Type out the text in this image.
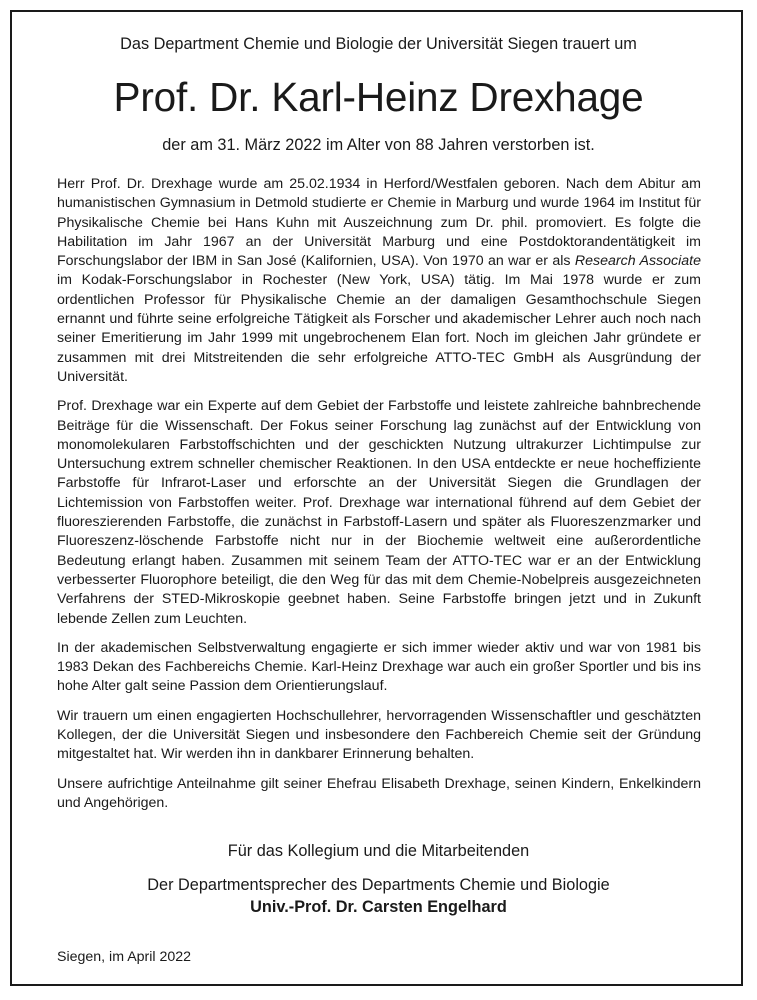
Das Department Chemie und Biologie der Universität Siegen trauert um
Prof. Dr. Karl-Heinz Drexhage
der am 31. März 2022 im Alter von 88 Jahren verstorben ist.

Herr Prof. Dr. Drexhage wurde am 25.02.1934 in Herford/Westfalen geboren. Nach dem Abitur am humanistischen Gymnasium in Detmold studierte er Chemie in Marburg und wurde 1964 im Institut für Physikalische Chemie bei Hans Kuhn mit Auszeichnung zum Dr. phil. promoviert. Es folgte die Habilitation im Jahr 1967 an der Universität Marburg und eine Postdoktorandentätigkeit im Forschungslabor der IBM in San José (Kalifornien, USA). Von 1970 an war er als Research Associate im Kodak-Forschungslabor in Rochester (New York, USA) tätig. Im Mai 1978 wurde er zum ordentlichen Professor für Physikalische Chemie an der damaligen Gesamthochschule Siegen ernannt und führte seine erfolgreiche Tätigkeit als Forscher und akademischer Lehrer auch noch nach seiner Emeritierung im Jahr 1999 mit ungebrochenem Elan fort. Noch im gleichen Jahr gründete er zusammen mit drei Mitstreitenden die sehr erfolgreiche ATTO-TEC GmbH als Ausgründung der Universität.

Prof. Drexhage war ein Experte auf dem Gebiet der Farbstoffe und leistete zahlreiche bahnbrechende Beiträge für die Wissenschaft. Der Fokus seiner Forschung lag zunächst auf der Entwicklung von monomolekularen Farbstoffschichten und der geschickten Nutzung ultrakurzer Lichtimpulse zur Untersuchung extrem schneller chemischer Reaktionen. In den USA entdeckte er neue hocheffiziente Farbstoffe für Infrarot-Laser und erforschte an der Universität Siegen die Grundlagen der Lichtemission von Farbstoffen weiter. Prof. Drexhage war international führend auf dem Gebiet der fluoreszierenden Farbstoffe, die zunächst in Farbstoff-Lasern und später als Fluoreszenzmarker und Fluoreszenz-löschende Farbstoffe nicht nur in der Biochemie weltweit eine außerordentliche Bedeutung erlangt haben. Zusammen mit seinem Team der ATTO-TEC war er an der Entwicklung verbesserter Fluorophore beteiligt, die den Weg für das mit dem Chemie-Nobelpreis ausgezeichneten Verfahrens der STED-Mikroskopie geebnet haben. Seine Farbstoffe bringen jetzt und in Zukunft lebende Zellen zum Leuchten.

In der akademischen Selbstverwaltung engagierte er sich immer wieder aktiv und war von 1981 bis 1983 Dekan des Fachbereichs Chemie. Karl-Heinz Drexhage war auch ein großer Sportler und bis ins hohe Alter galt seine Passion dem Orientierungslauf.

Wir trauern um einen engagierten Hochschullehrer, hervorragenden Wissenschaftler und geschätzten Kollegen, der die Universität Siegen und insbesondere den Fachbereich Chemie seit der Gründung mitgestaltet hat. Wir werden ihn in dankbarer Erinnerung behalten.

Unsere aufrichtige Anteilnahme gilt seiner Ehefrau Elisabeth Drexhage, seinen Kindern, Enkelkindern und Angehörigen.

Für das Kollegium und die Mitarbeitenden
Der Departmentsprecher des Departments Chemie und Biologie
Univ.-Prof. Dr. Carsten Engelhard
Siegen, im April 2022
